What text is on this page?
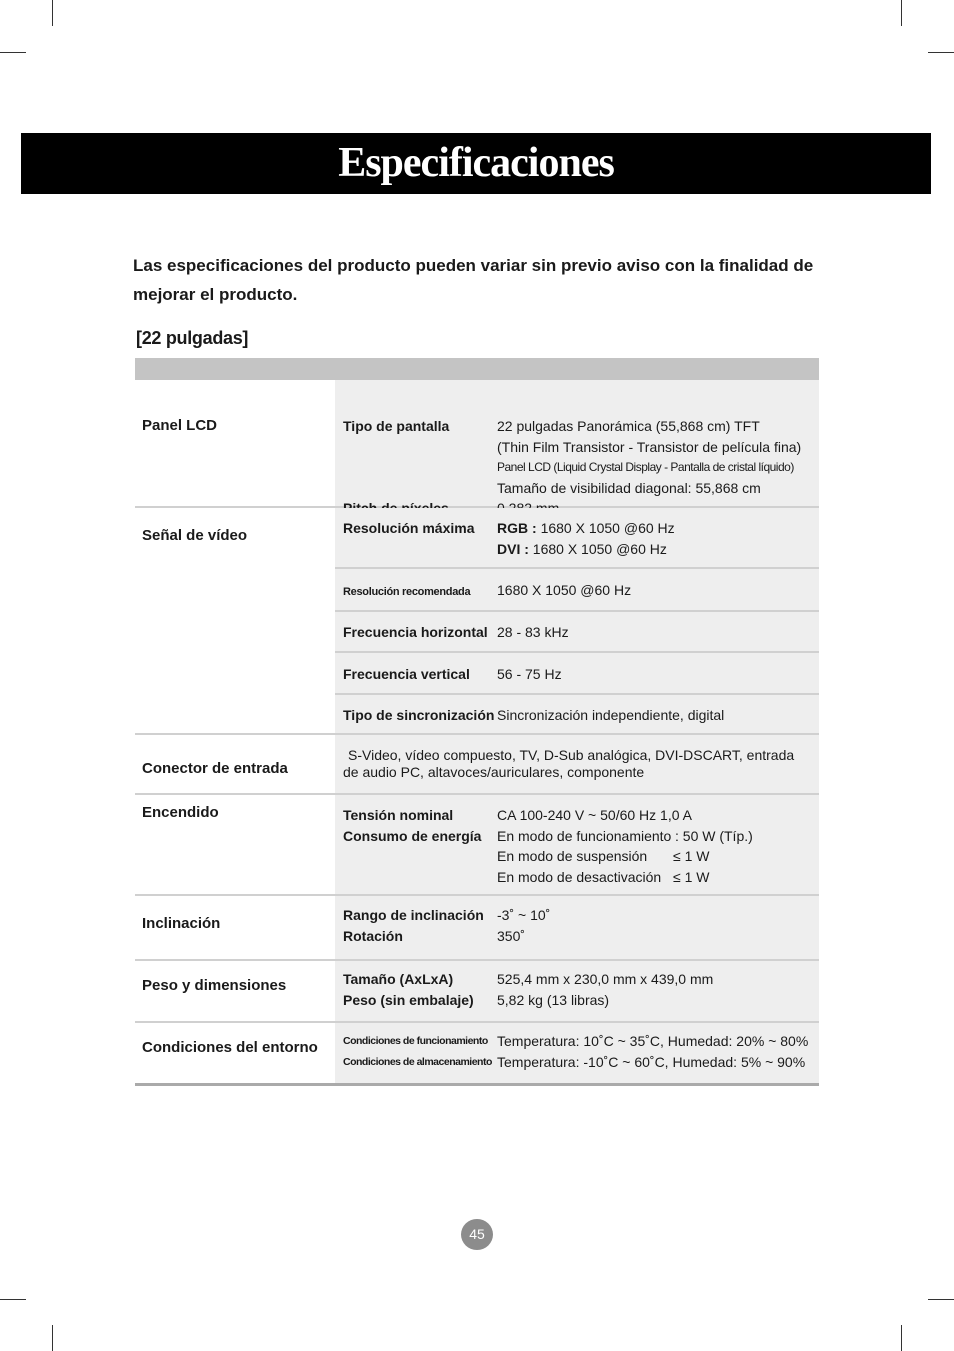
Especificaciones

Las especificaciones del producto pueden variar sin previo aviso con la finalidad de mejorar el producto.

[22 pulgadas]
Panel LCD	Tipo de pantalla	22 pulgadas Panorámica (55,868 cm) TFT
(Thin Film Transistor - Transistor de película fina)
Panel LCD (Liquid Crystal Display - Pantalla de cristal líquido)
Tamaño de visibilidad diagonal: 55,868 cm
Señal de vídeo	Resolución máxima	RGB : 1680 X 1050 @60 Hz
DVI : 1680 X 1050 @60 Hz
Resolución recomendada	1680 X 1050 @60 Hz
Frecuencia horizontal 28 - 83 kHz
Frecuencia vertical	56 - 75 Hz
Tipo de sincronización Sincronización independiente, digital
Conector de entrada
S-Video, vídeo compuesto, TV, D-Sub analógica, DVI-DSCART, entrada de audio PC, altavoces/auriculares, componente
Encendido	Tensión nominal	CA 100-240 V ~ 50/60 Hz 1,0 A
Consumo de energía	En modo de funcionamiento : 50 W (Típ.)
En modo de suspensión	≤ 1 W
En modo de desactivación ≤ 1 W
Inclinación	Rango de inclinación -3˚ ~ 10˚
Rotación	350˚
Peso y dimensiones	Tamaño (AxLxA)	525,4 mm x 230,0 mm x 439,0 mm
Peso (sin embalaje)	5,82 kg (13 libras)
Condiciones del entorno	Condiciones de funcionamiento Temperatura: 10˚C ~ 35˚C, Humedad: 20% ~ 80%
Condiciones de almacenamiento Temperatura: -10˚C ~ 60˚C, Humedad: 5% ~ 90%
45
